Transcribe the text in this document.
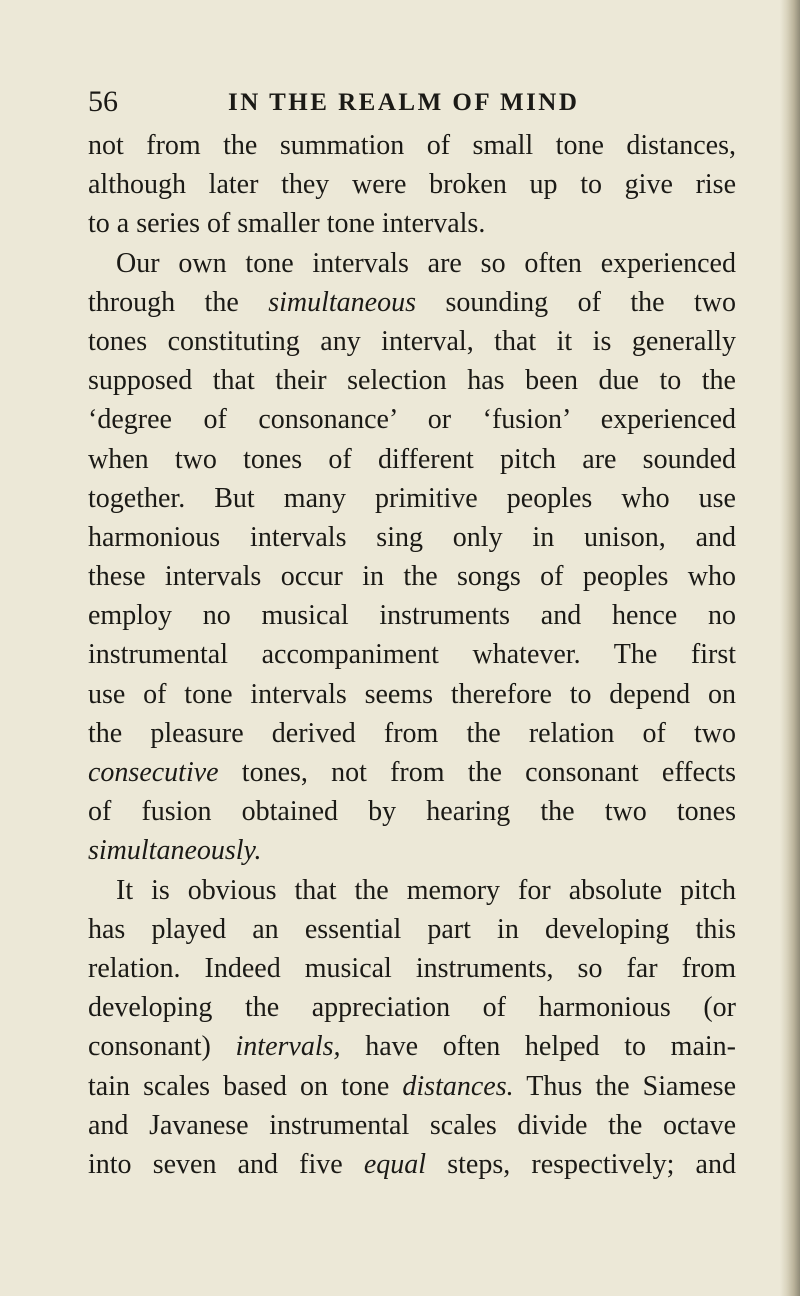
56	IN THE REALM OF MIND
not from the summation of small tone distances,
although later they were broken up to give rise
to a series of smaller tone intervals.
Our own tone intervals are so often experienced
through the simultaneous sounding of the two
tones constituting any interval, that it is generally
supposed that their selection has been due to the
‘degree of consonance’ or ‘fusion’ experienced
when two tones of different pitch are sounded
together. But many primitive peoples who use
harmonious intervals sing only in unison, and
these intervals occur in the songs of peoples who
employ no musical instruments and hence no
instrumental accompaniment whatever. The first
use of tone intervals seems therefore to depend on
the pleasure derived from the relation of two
consecutive tones, not from the consonant effects
of fusion obtained by hearing the two tones
simultaneously.
It is obvious that the memory for absolute pitch
has played an essential part in developing this
relation. Indeed musical instruments, so far from
developing the appreciation of harmonious (or
consonant) intervals, have often helped to main-
tain scales based on tone distances. Thus the Siamese
and Javanese instrumental scales divide the octave
into seven and five equal steps, respectively; and
